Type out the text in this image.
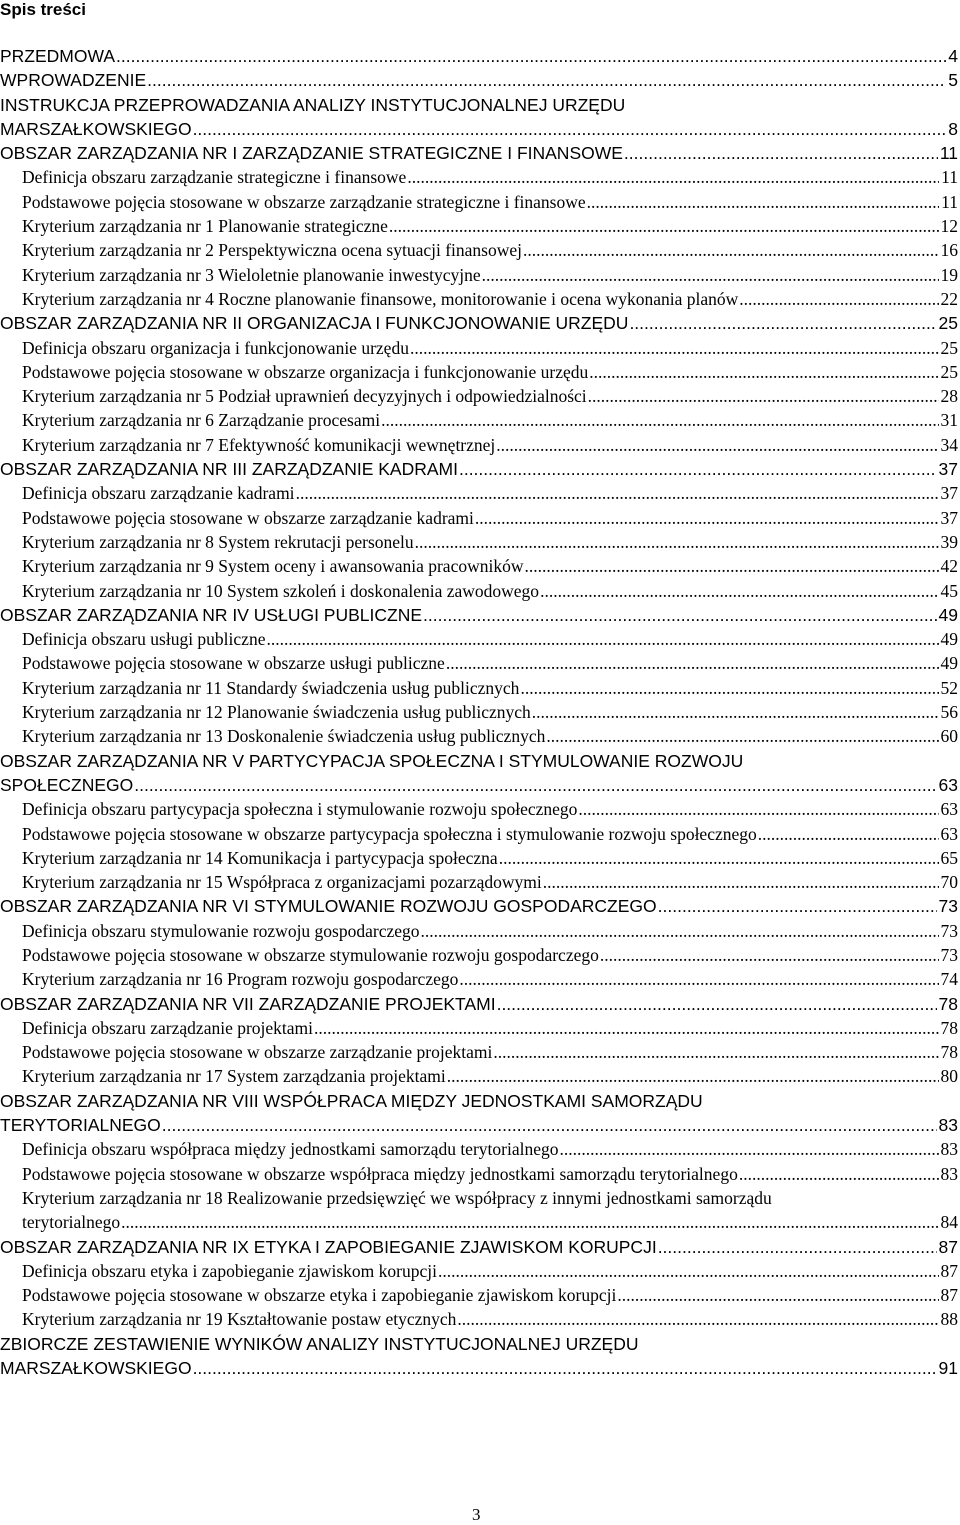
Spis treści
PRZEDMOWA .....	4
WPROWADZENIE .....	5
INSTRUKCJA PRZEPROWADZANIA ANALIZY INSTYTUCJONALNEJ URZĘDU
MARSZAŁKOWSKIEGO .....	8
OBSZAR ZARZĄDZANIA NR I ZARZĄDZANIE STRATEGICZNE I FINANSOWE .....	11
Definicja obszaru zarządzanie strategiczne i finansowe .....	11
Podstawowe pojęcia stosowane w obszarze zarządzanie strategiczne i finansowe .....	11
Kryterium zarządzania nr 1 Planowanie strategiczne .....	12
Kryterium zarządzania nr 2 Perspektywiczna ocena sytuacji finansowej .....	16
Kryterium zarządzania nr 3 Wieloletnie planowanie inwestycyjne .....	19
Kryterium zarządzania nr 4 Roczne planowanie finansowe, monitorowanie i ocena wykonania planów .....	22
OBSZAR ZARZĄDZANIA NR II ORGANIZACJA I FUNKCJONOWANIE URZĘDU .....	25
Definicja obszaru organizacja i funkcjonowanie urzędu .....	25
Podstawowe pojęcia stosowane w obszarze organizacja i funkcjonowanie urzędu .....	25
Kryterium zarządzania nr 5 Podział uprawnień decyzyjnych i odpowiedzialności .....	28
Kryterium zarządzania nr 6 Zarządzanie procesami .....	31
Kryterium zarządzania nr 7 Efektywność komunikacji wewnętrznej .....	34
OBSZAR ZARZĄDZANIA NR III ZARZĄDZANIE KADRAMI .....	37
Definicja obszaru zarządzanie kadrami .....	37
Podstawowe pojęcia stosowane w obszarze zarządzanie kadrami .....	37
Kryterium zarządzania nr 8 System rekrutacji personelu .....	39
Kryterium zarządzania nr 9 System oceny i awansowania pracowników .....	42
Kryterium zarządzania nr 10 System szkoleń i doskonalenia zawodowego .....	45
OBSZAR ZARZĄDZANIA NR IV USŁUGI PUBLICZNE .....	49
Definicja obszaru usługi publiczne .....	49
Podstawowe pojęcia stosowane w obszarze usługi publiczne .....	49
Kryterium zarządzania nr 11 Standardy świadczenia usług publicznych .....	52
Kryterium zarządzania nr 12 Planowanie świadczenia usług publicznych .....	56
Kryterium zarządzania nr 13 Doskonalenie świadczenia usług publicznych .....	60
OBSZAR ZARZĄDZANIA NR V PARTYCYPACJA SPOŁECZNA I STYMULOWANIE ROZWOJU
SPOŁECZNEGO .....	63
Definicja obszaru partycypacja społeczna i stymulowanie rozwoju społecznego .....	63
Podstawowe pojęcia stosowane w obszarze partycypacja społeczna i stymulowanie rozwoju społecznego .....	63
Kryterium zarządzania nr 14 Komunikacja i partycypacja społeczna .....	65
Kryterium zarządzania nr 15 Współpraca z organizacjami pozarządowymi .....	70
OBSZAR ZARZĄDZANIA NR VI STYMULOWANIE ROZWOJU GOSPODARCZEGO .....	73
Definicja obszaru stymulowanie rozwoju gospodarczego .....	73
Podstawowe pojęcia stosowane w obszarze stymulowanie rozwoju gospodarczego .....	73
Kryterium zarządzania nr 16 Program rozwoju gospodarczego .....	74
OBSZAR ZARZĄDZANIA NR VII ZARZĄDZANIE PROJEKTAMI .....	78
Definicja obszaru zarządzanie projektami .....	78
Podstawowe pojęcia stosowane w obszarze zarządzanie projektami .....	78
Kryterium zarządzania nr 17 System zarządzania projektami .....	80
OBSZAR ZARZĄDZANIA NR VIII WSPÓŁPRACA MIĘDZY JEDNOSTKAMI SAMORZĄDU
TERYTORIALNEGO .....	83
Definicja obszaru współpraca między jednostkami samorządu terytorialnego .....	83
Podstawowe pojęcia stosowane w obszarze współpraca między jednostkami samorządu terytorialnego .....	83
Kryterium zarządzania nr 18 Realizowanie przedsięwzięć we współpracy z innymi jednostkami samorządu
terytorialnego .....	84
OBSZAR ZARZĄDZANIA NR IX ETYKA I ZAPOBIEGANIE ZJAWISKOM KORUPCJI .....	87
Definicja obszaru etyka i zapobieganie zjawiskom korupcji .....	87
Podstawowe pojęcia stosowane w obszarze etyka i zapobieganie zjawiskom korupcji .....	87
Kryterium zarządzania nr 19 Kształtowanie postaw etycznych .....	88
ZBIORCZE ZESTAWIENIE WYNIKÓW ANALIZY INSTYTUCJONALNEJ URZĘDU
MARSZAŁKOWSKIEGO .....	91
3
